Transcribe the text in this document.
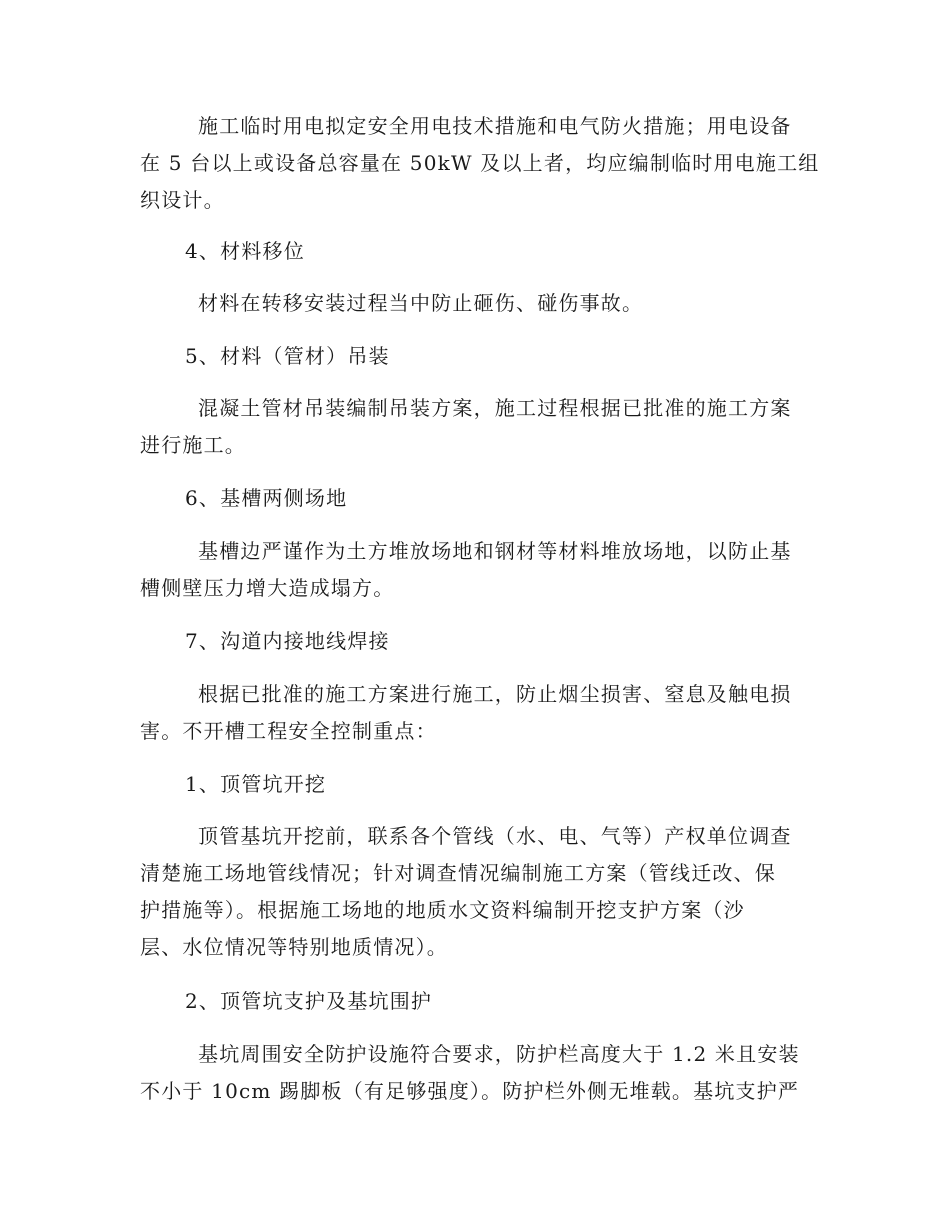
施工临时用电拟定安全用电技术措施和电气防火措施；用电设备
在 5 台以上或设备总容量在 50kW 及以上者，均应编制临时用电施工组
织设计。
4、材料移位
材料在转移安装过程当中防止砸伤、碰伤事故。
5、材料（管材）吊装
混凝土管材吊装编制吊装方案，施工过程根据已批准的施工方案
进行施工。
6、基槽两侧场地
基槽边严谨作为土方堆放场地和钢材等材料堆放场地，以防止基
槽侧壁压力增大造成塌方。
7、沟道内接地线焊接
根据已批准的施工方案进行施工，防止烟尘损害、窒息及触电损
害。不开槽工程安全控制重点：
1、顶管坑开挖
顶管基坑开挖前，联系各个管线（水、电、气等）产权单位调查
清楚施工场地管线情况；针对调查情况编制施工方案（管线迁改、保
护措施等）。根据施工场地的地质水文资料编制开挖支护方案（沙
层、水位情况等特别地质情况）。
2、顶管坑支护及基坑围护
基坑周围安全防护设施符合要求，防护栏高度大于 1.2 米且安装
不小于 10cm 踢脚板（有足够强度）。防护栏外侧无堆载。基坑支护严
